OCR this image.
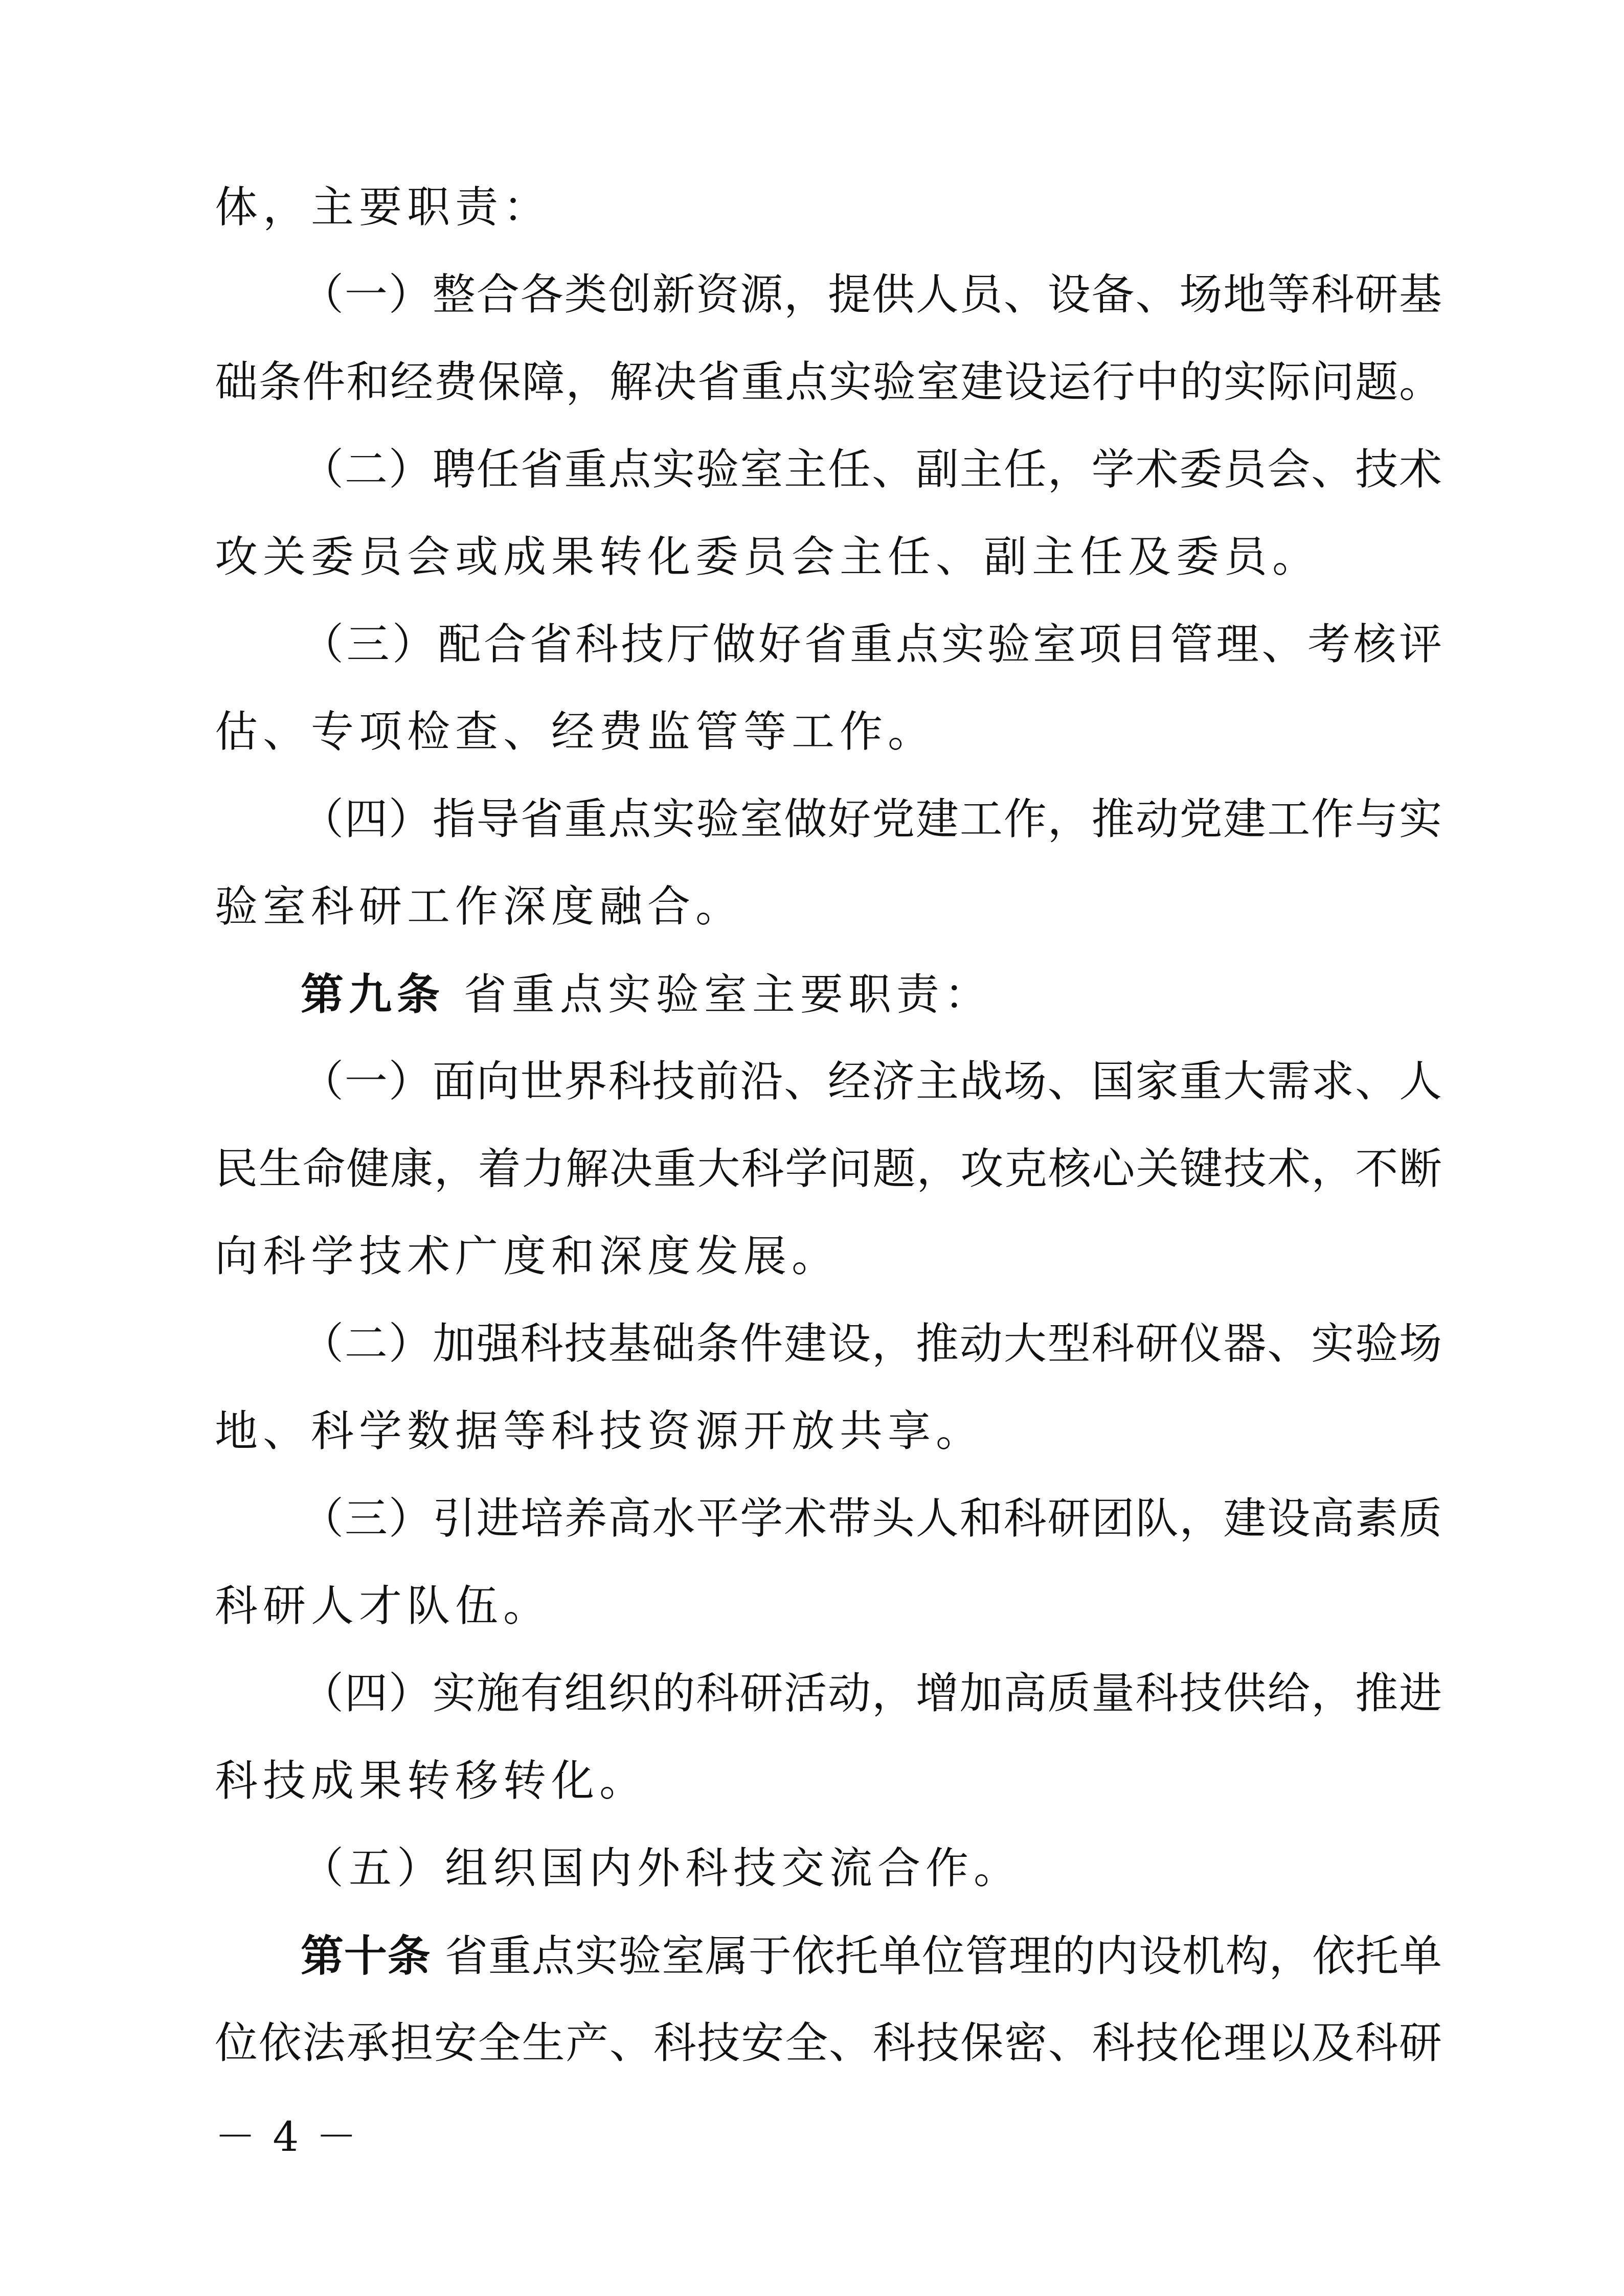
体，主要职责：
（一）整合各类创新资源，提供人员、设备、场地等科研基
础条件和经费保障，解决省重点实验室建设运行中的实际问题。
（二）聘任省重点实验室主任、副主任，学术委员会、技术
攻关委员会或成果转化委员会主任、副主任及委员。
（三）配合省科技厅做好省重点实验室项目管理、考核评
估、专项检查、经费监管等工作。
（四）指导省重点实验室做好党建工作，推动党建工作与实
验室科研工作深度融合。
第九条 省重点实验室主要职责：
（一）面向世界科技前沿、经济主战场、国家重大需求、人
民生命健康，着力解决重大科学问题，攻克核心关键技术，不断
向科学技术广度和深度发展。
（二）加强科技基础条件建设，推动大型科研仪器、实验场
地、科学数据等科技资源开放共享。
（三）引进培养高水平学术带头人和科研团队，建设高素质
科研人才队伍。
（四）实施有组织的科研活动，增加高质量科技供给，推进
科技成果转移转化。
（五）组织国内外科技交流合作。
第十条 省重点实验室属于依托单位管理的内设机构，依托单
位依法承担安全生产、科技安全、科技保密、科技伦理以及科研
－ 4 －
